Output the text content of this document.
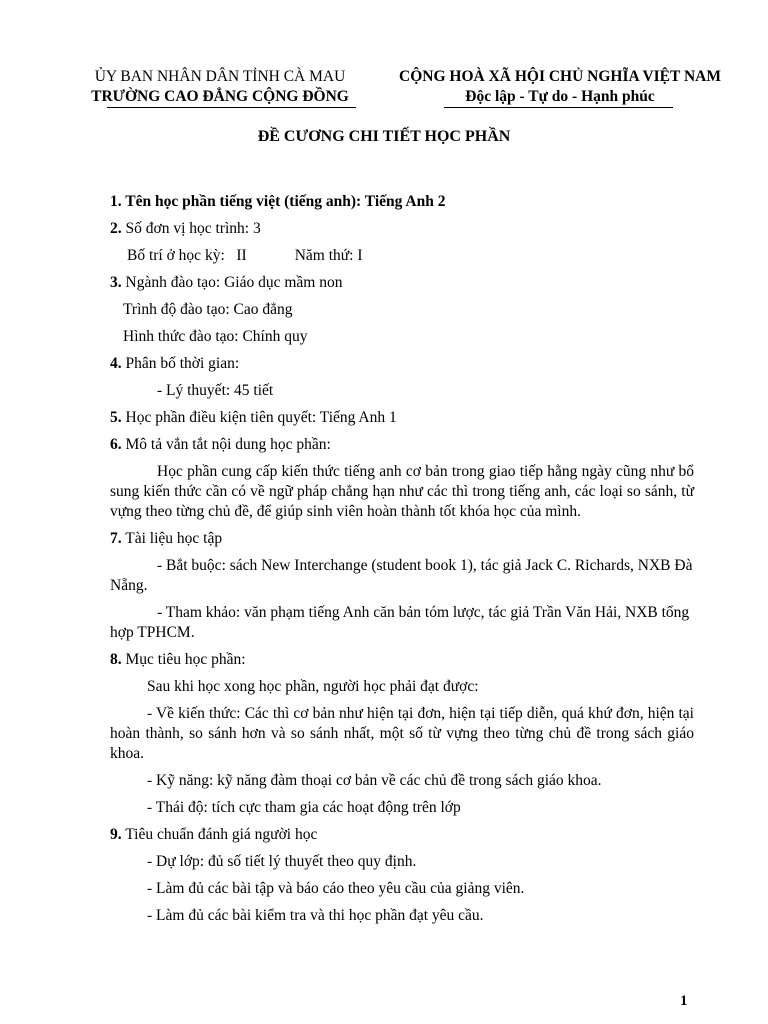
ỦY BAN NHÂN DÂN TỈNH CÀ MAU
TRƯỜNG CAO ĐẲNG CỘNG ĐỒNG
CỘNG HOÀ XÃ HỘI CHỦ NGHĨA VIỆT NAM
Độc lập - Tự do - Hạnh phúc
ĐỀ CƯƠNG CHI TIẾT HỌC PHẦN

1. Tên học phần tiếng việt (tiếng anh): Tiếng Anh 2

2. Số đơn vị học trình: 3

Bố trí ở học kỳ:   II	Năm thứ: I

3. Ngành đào tạo: Giáo dục mầm non

Trình độ đào tạo: Cao đẳng

Hình thức đào tạo: Chính quy

4. Phân bố thời gian:

- Lý thuyết: 45 tiết

5. Học phần điều kiện tiên quyết: Tiếng Anh 1

6. Mô tả vắn tắt nội dung học phần:

Học phần cung cấp kiến thức tiếng anh cơ bản trong giao tiếp hằng ngày cũng như bổ sung kiến thức cần có về ngữ pháp chẳng hạn như các thì trong tiếng anh, các loại so sánh, từ vựng theo từng chủ đề, để giúp sinh viên hoàn thành tốt khóa học của mình.

7. Tài liệu học tập

- Bắt buộc: sách New Interchange (student book 1), tác giả Jack C. Richards, NXB Đà Nẵng.

- Tham khảo: văn phạm tiếng Anh căn bản tóm lược, tác giả Trần Văn Hải, NXB tổng hợp TPHCM.

8. Mục tiêu học phần:

Sau khi học xong học phần, người học phải đạt được:

- Về kiến thức: Các thì cơ bản như hiện tại đơn, hiện tại tiếp diễn, quá khứ đơn, hiện tại hoàn thành, so sánh hơn và so sánh nhất, một số từ vựng theo từng chủ đề trong sách giáo khoa.

- Kỹ năng: kỹ năng đàm thoại cơ bản về các chủ đề trong sách giáo khoa.

- Thái độ: tích cực tham gia các hoạt động trên lớp

9. Tiêu chuẩn đánh giá người học

- Dự lớp: đủ số tiết lý thuyết theo quy định.

- Làm đủ các bài tập và báo cáo theo yêu cầu của giảng viên.

- Làm đủ các bài kiểm tra và thi học phần đạt yêu cầu.

1
